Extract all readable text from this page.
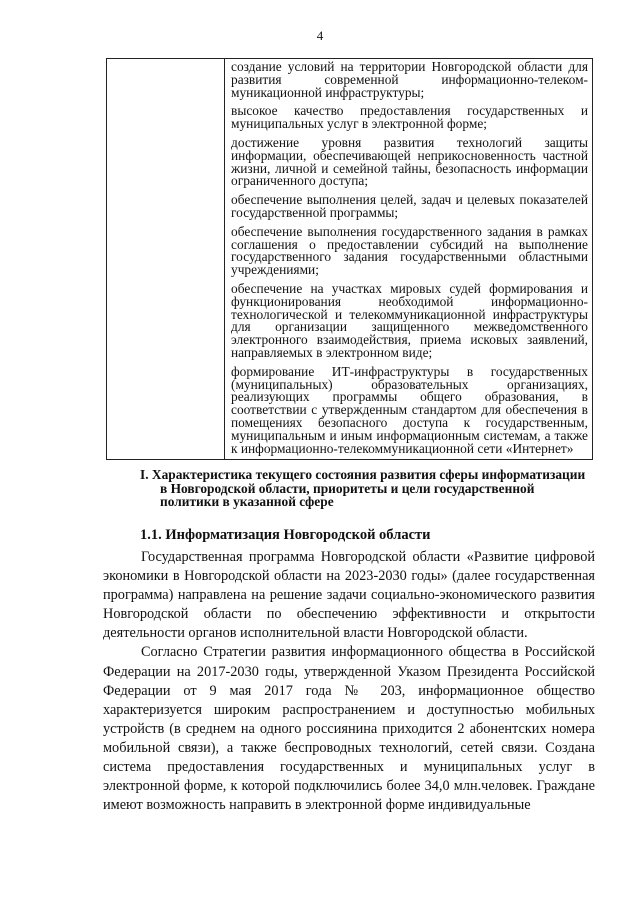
4

создание условий на территории Новгородской области для развития современной информационно-телеком-муникационной инфраструктуры;
высокое качество предоставления государственных и муниципальных услуг в электронной форме;
достижение уровня развития технологий защиты информации, обеспечивающей неприкосновенность частной жизни, личной и семейной тайны, безопасность информации ограниченного доступа;
обеспечение выполнения целей, задач и целевых показателей государственной программы;
обеспечение выполнения государственного задания в рамках соглашения о предоставлении субсидий на выполнение государственного задания государственными областными учреждениями;
обеспечение на участках мировых судей формирования и функционирования необходимой информационно-технологической и телекоммуникационной инфраструктуры для организации защищенного межведомственного электронного взаимодействия, приема исковых заявлений, направляемых в электронном виде;
формирование ИТ-инфраструктуры в государственных (муниципальных) образовательных организациях, реализующих программы общего образования, в соответствии с утвержденным стандартом для обеспечения в помещениях безопасного доступа к государственным, муниципальным и иным информационным системам, а также к информационно-телекоммуникационной сети «Интернет»
I. Характеристика текущего состояния развития сферы информатизации
в Новгородской области, приоритеты и цели государственной
политики в указанной сфере
1.1. Информатизация Новгородской области

Государственная программа Новгородской области «Развитие цифровой экономики в Новгородской области на 2023-2030 годы» (далее государственная программа) направлена на решение задачи социально-экономического развития Новгородской области по обеспечению эффективности и открытости деятельности органов исполнительной власти Новгородской области.

Согласно Стратегии развития информационного общества в Российской Федерации на 2017-2030 годы, утвержденной Указом Президента Российской Федерации от 9 мая 2017 года № 203, информационное общество характеризуется широким распространением и доступностью мобильных устройств (в среднем на одного россиянина приходится 2 абонентских номера мобильной связи), а также беспроводных технологий, сетей связи. Создана система предоставления государственных и муниципальных услуг в электронной форме, к которой подключились более 34,0 млн.человек. Граждане имеют возможность направить в электронной форме индивидуальные
